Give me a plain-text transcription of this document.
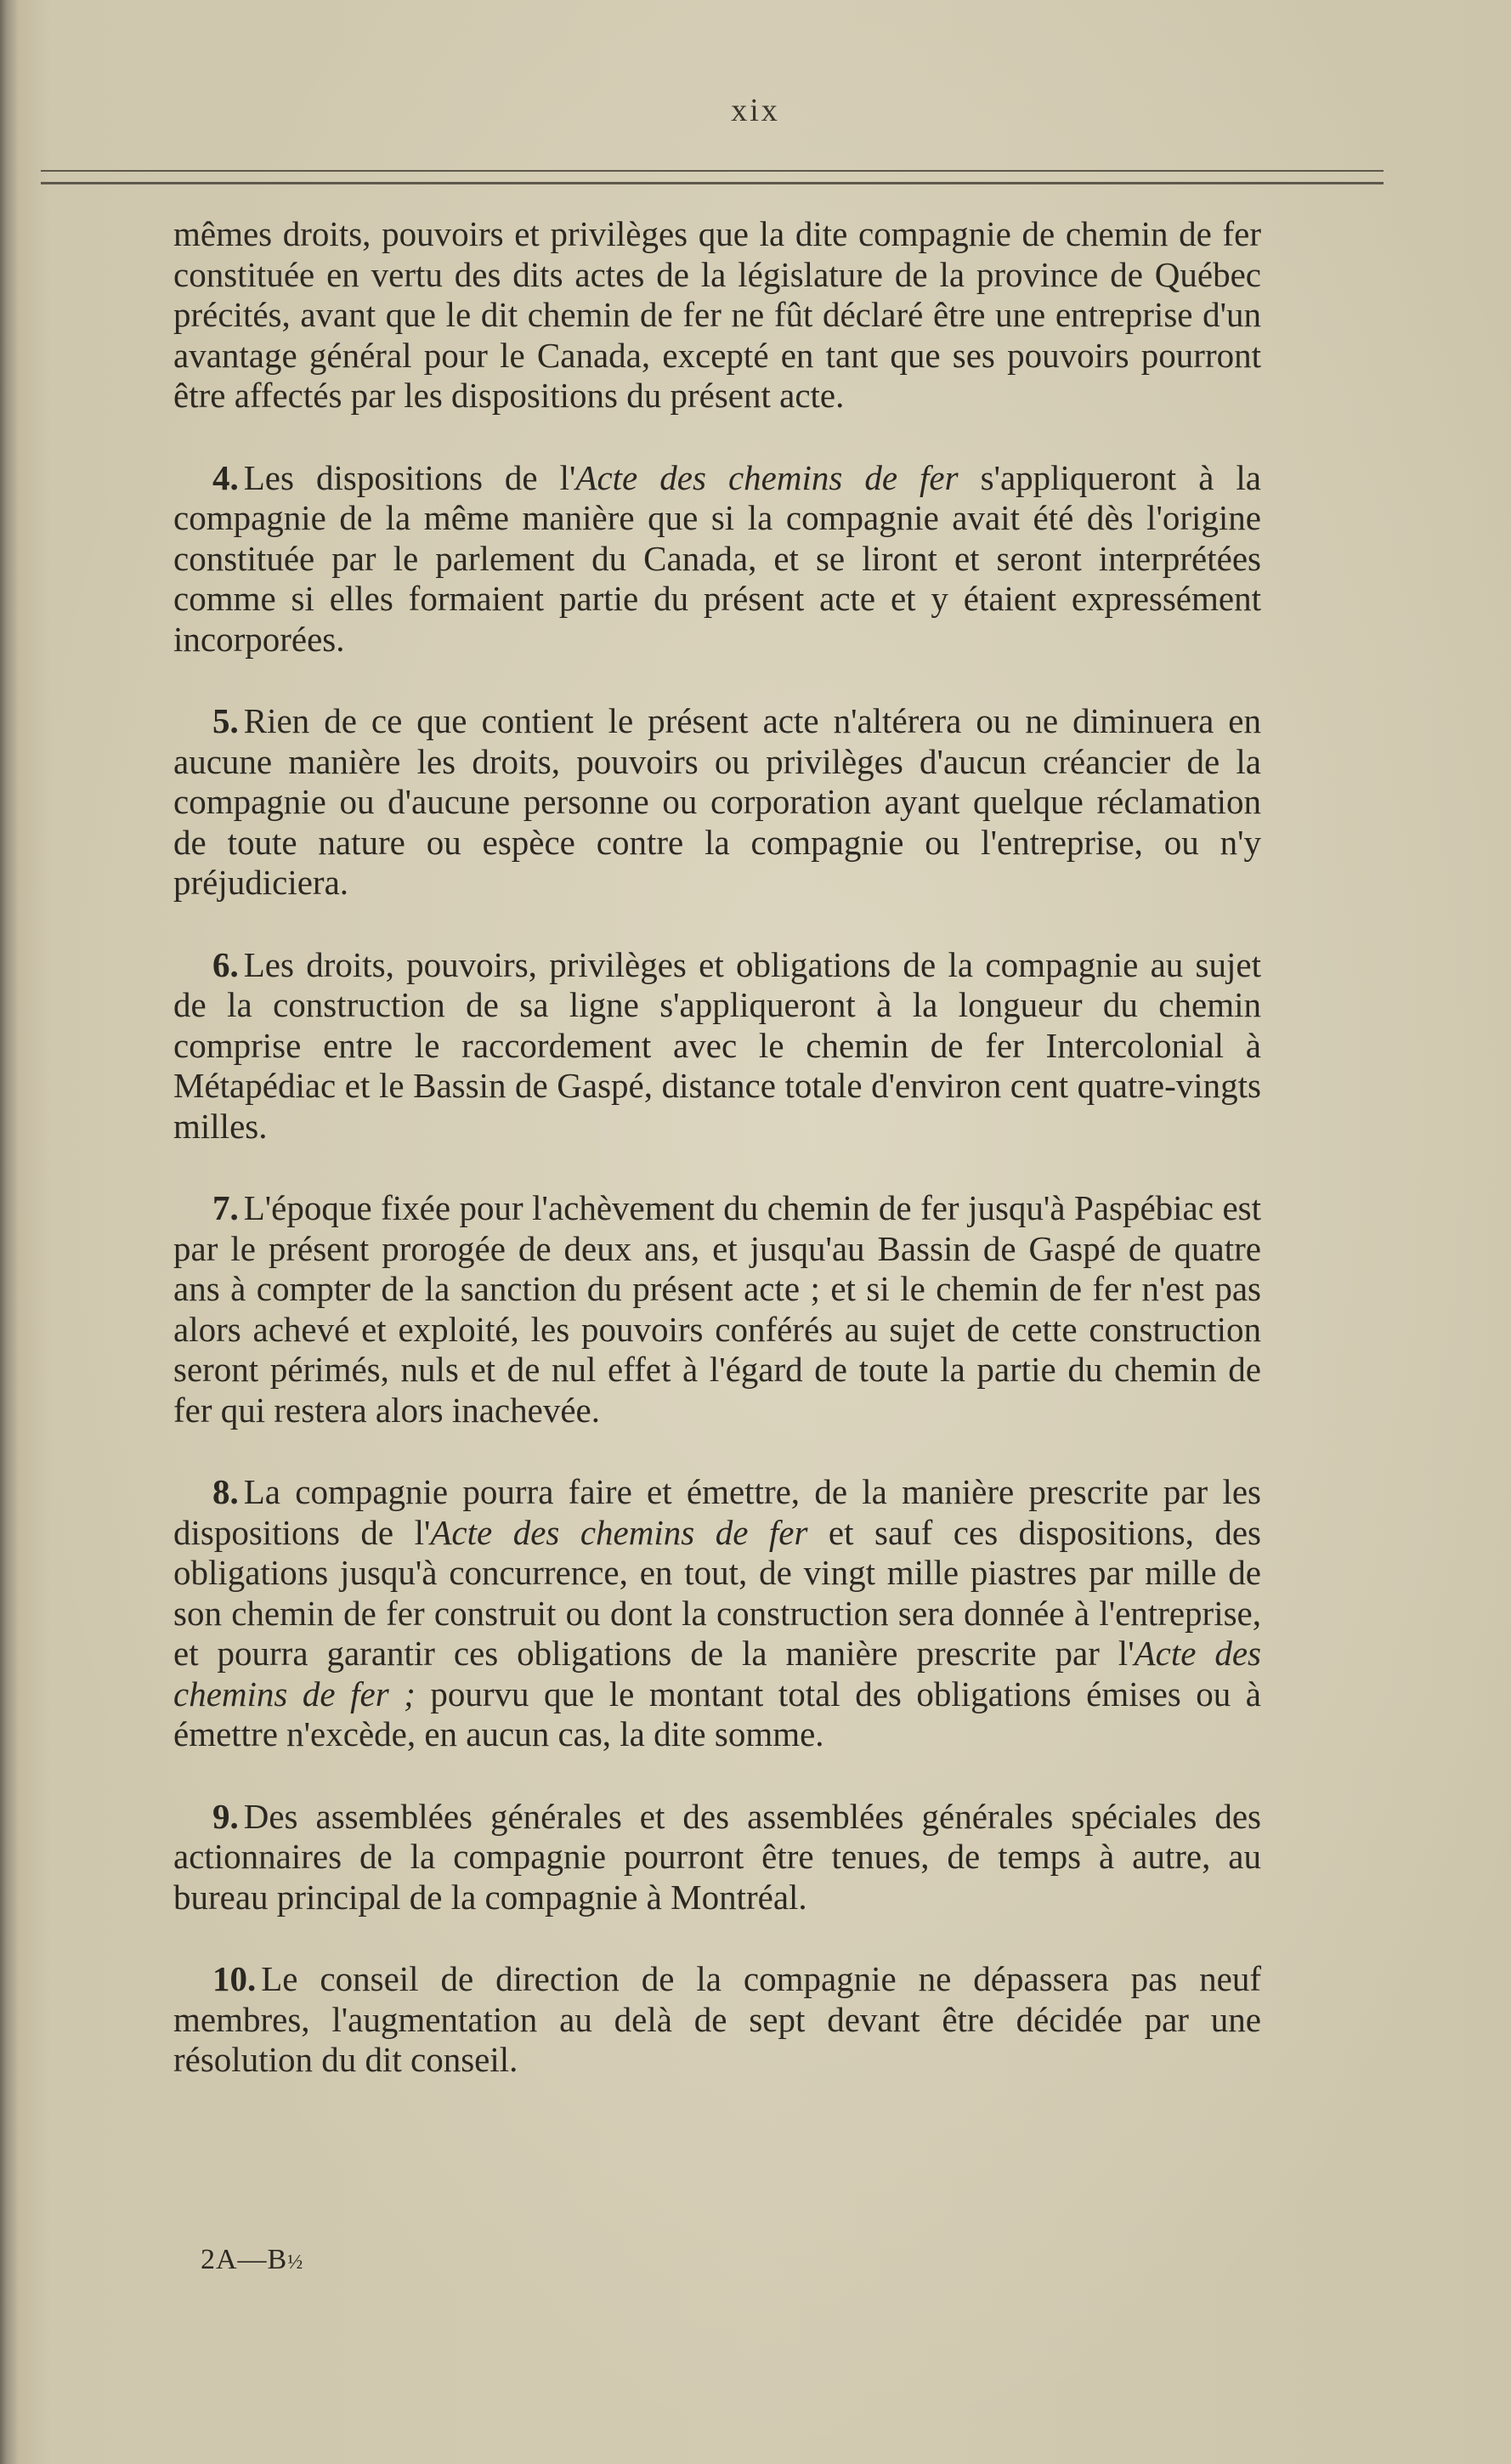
xix

mêmes droits, pouvoirs et privilèges que la dite compagnie de chemin de fer constituée en vertu des dits actes de la législature de la province de Québec précités, avant que le dit chemin de fer ne fût déclaré être une entreprise d'un avantage général pour le Canada, excepté en tant que ses pouvoirs pourront être affectés par les dispositions du présent acte.

4. Les dispositions de l'Acte des chemins de fer s'appliqueront à la compagnie de la même manière que si la compagnie avait été dès l'origine constituée par le parlement du Canada, et se liront et seront interprétées comme si elles formaient partie du présent acte et y étaient expressément incorporées.

5. Rien de ce que contient le présent acte n'altérera ou ne diminuera en aucune manière les droits, pouvoirs ou privilèges d'aucun créancier de la compagnie ou d'aucune personne ou corporation ayant quelque réclamation de toute nature ou espèce contre la compagnie ou l'entreprise, ou n'y préjudiciera.

6. Les droits, pouvoirs, privilèges et obligations de la compagnie au sujet de la construction de sa ligne s'appliqueront à la longueur du chemin comprise entre le raccordement avec le chemin de fer Intercolonial à Métapédiac et le Bassin de Gaspé, distance totale d'environ cent quatre-vingts milles.

7. L'époque fixée pour l'achèvement du chemin de fer jusqu'à Paspébiac est par le présent prorogée de deux ans, et jusqu'au Bassin de Gaspé de quatre ans à compter de la sanction du présent acte ; et si le chemin de fer n'est pas alors achevé et exploité, les pouvoirs conférés au sujet de cette construction seront périmés, nuls et de nul effet à l'égard de toute la partie du chemin de fer qui restera alors inachevée.

8. La compagnie pourra faire et émettre, de la manière prescrite par les dispositions de l'Acte des chemins de fer et sauf ces dispositions, des obligations jusqu'à concurrence, en tout, de vingt mille piastres par mille de son chemin de fer construit ou dont la construction sera donnée à l'entreprise, et pourra garantir ces obligations de la manière prescrite par l'Acte des chemins de fer ; pourvu que le montant total des obligations émises ou à émettre n'excède, en aucun cas, la dite somme.

9. Des assemblées générales et des assemblées générales spéciales des actionnaires de la compagnie pourront être tenues, de temps à autre, au bureau principal de la compagnie à Montréal.

10. Le conseil de direction de la compagnie ne dépassera pas neuf membres, l'augmentation au delà de sept devant être décidée par une résolution du dit conseil.

2A—B½
